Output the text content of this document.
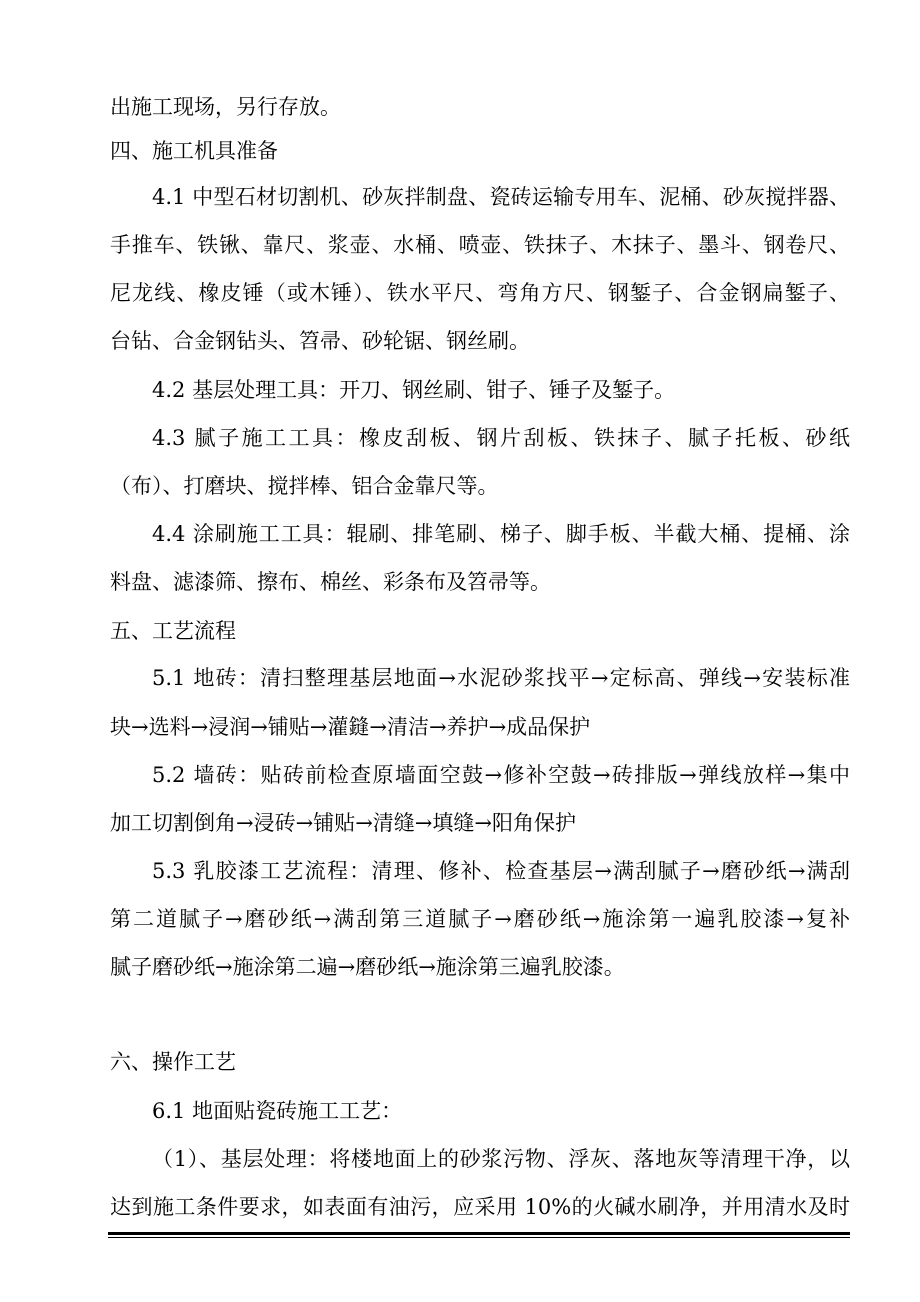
出施工现场，另行存放。
四、施工机具准备
4.1 中型石材切割机、砂灰拌制盘、瓷砖运输专用车、泥桶、砂灰搅拌器、
手推车、铁锹、靠尺、浆壶、水桶、喷壶、铁抹子、木抹子、墨斗、钢卷尺、
尼龙线、橡皮锤（或木锤）、铁水平尺、弯角方尺、钢錾子、合金钢扁錾子、
台钻、合金钢钻头、笤帚、砂轮锯、钢丝刷。
4.2 基层处理工具：开刀、钢丝刷、钳子、锤子及錾子。
4.3 腻子施工工具：橡皮刮板、钢片刮板、铁抹子、腻子托板、砂纸
（布）、打磨块、搅拌棒、铝合金靠尺等。
4.4 涂刷施工工具：辊刷、排笔刷、梯子、脚手板、半截大桶、提桶、涂
料盘、滤漆筛、擦布、棉丝、彩条布及笤帚等。
五、工艺流程
5.1 地砖：清扫整理基层地面→水泥砂浆找平→定标高、弹线→安装标准
块→选料→浸润→铺贴→灌鏠→清洁→养护→成品保护
5.2 墙砖：贴砖前检查原墙面空鼓→修补空鼓→砖排版→弹线放样→集中
加工切割倒角→浸砖→铺贴→清缝→填缝→阳角保护
5.3 乳胶漆工艺流程：清理、修补、检查基层→满刮腻子→磨砂纸→满刮
第二道腻子→磨砂纸→满刮第三道腻子→磨砂纸→施涂第一遍乳胶漆→复补
腻子磨砂纸→施涂第二遍→磨砂纸→施涂第三遍乳胶漆。
六、操作工艺
6.1 地面贴瓷砖施工工艺：
（1）、基层处理：将楼地面上的砂浆污物、浮灰、落地灰等清理干净，以
达到施工条件要求，如表面有油污，应采用 10%的火碱水刷净，并用清水及时
